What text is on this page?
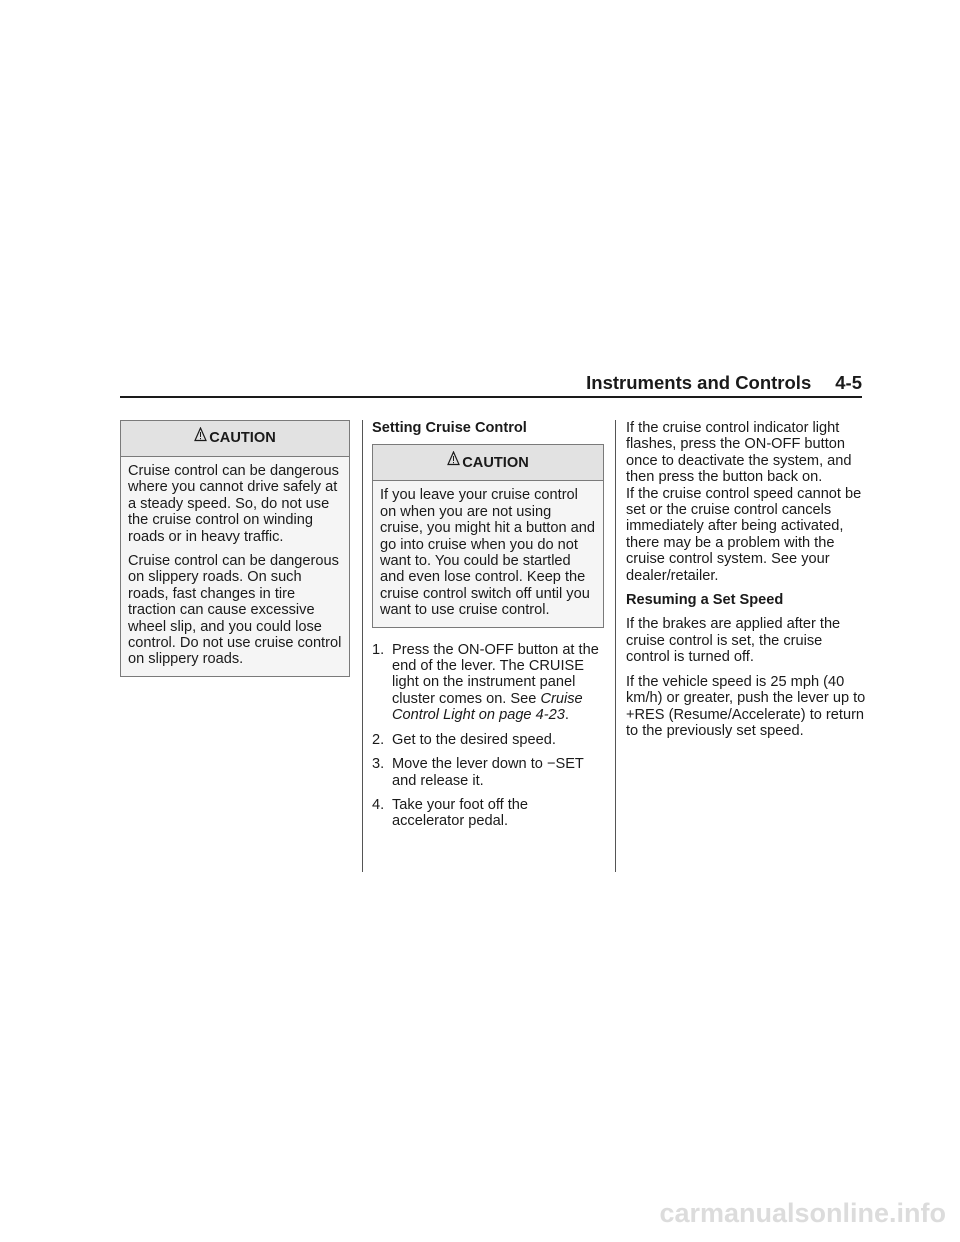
Instruments and Controls 4-5
CAUTION

Cruise control can be dangerous where you cannot drive safely at a steady speed. So, do not use the cruise control on winding roads or in heavy traffic.

Cruise control can be dangerous on slippery roads. On such roads, fast changes in tire traction can cause excessive wheel slip, and you could lose control. Do not use cruise control on slippery roads.

Setting Cruise Control
CAUTION

If you leave your cruise control on when you are not using cruise, you might hit a button and go into cruise when you do not want to. You could be startled and even lose control. Keep the cruise control switch off until you want to use cruise control.

1. Press the ON-OFF button at the end of the lever. The CRUISE light on the instrument panel cluster comes on. See Cruise Control Light on page 4-23.
2. Get to the desired speed.
3. Move the lever down to −SET and release it.
4. Take your foot off the accelerator pedal.

If the cruise control indicator light flashes, press the ON-OFF button once to deactivate the system, and then press the button back on.

If the cruise control speed cannot be set or the cruise control cancels immediately after being activated, there may be a problem with the cruise control system. See your dealer/retailer.

Resuming a Set Speed

If the brakes are applied after the cruise control is set, the cruise control is turned off.

If the vehicle speed is 25 mph (40 km/h) or greater, push the lever up to +RES (Resume/Accelerate) to return to the previously set speed.

carmanualsonline.info
